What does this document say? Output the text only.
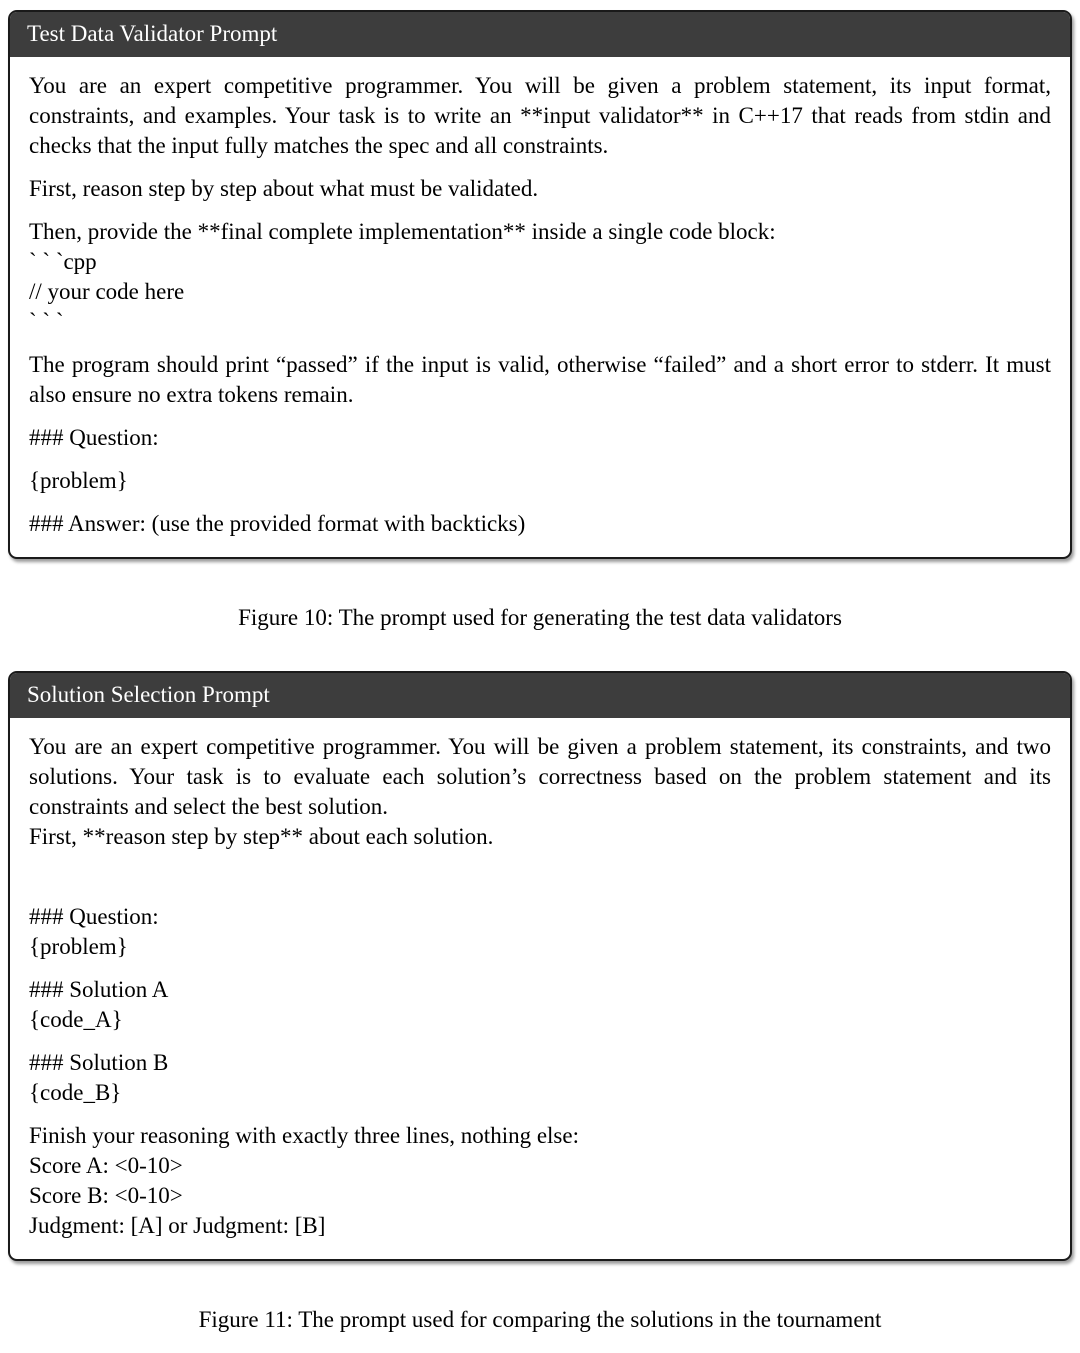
Test Data Validator Prompt
You are an expert competitive programmer. You will be given a problem statement, its input format, constraints, and examples. Your task is to write an **input validator** in C++17 that reads from stdin and checks that the input fully matches the spec and all constraints.
First, reason step by step about what must be validated.
Then, provide the **final complete implementation** inside a single code block:
` ` `cpp
// your code here
` ` `
The program should print “passed” if the input is valid, otherwise “failed” and a short error to stderr. It must also ensure no extra tokens remain.
### Question:
{problem}
### Answer: (use the provided format with backticks)
Figure 10: The prompt used for generating the test data validators
Solution Selection Prompt
You are an expert competitive programmer. You will be given a problem statement, its constraints, and two solutions. Your task is to evaluate each solution’s correctness based on the problem statement and its constraints and select the best solution.
First, **reason step by step** about each solution.
### Question:
{problem}
### Solution A
{code_A}
### Solution B
{code_B}
Finish your reasoning with exactly three lines, nothing else:
Score A: <0-10>
Score B: <0-10>
Judgment: [A] or Judgment: [B]
Figure 11: The prompt used for comparing the solutions in the tournament
